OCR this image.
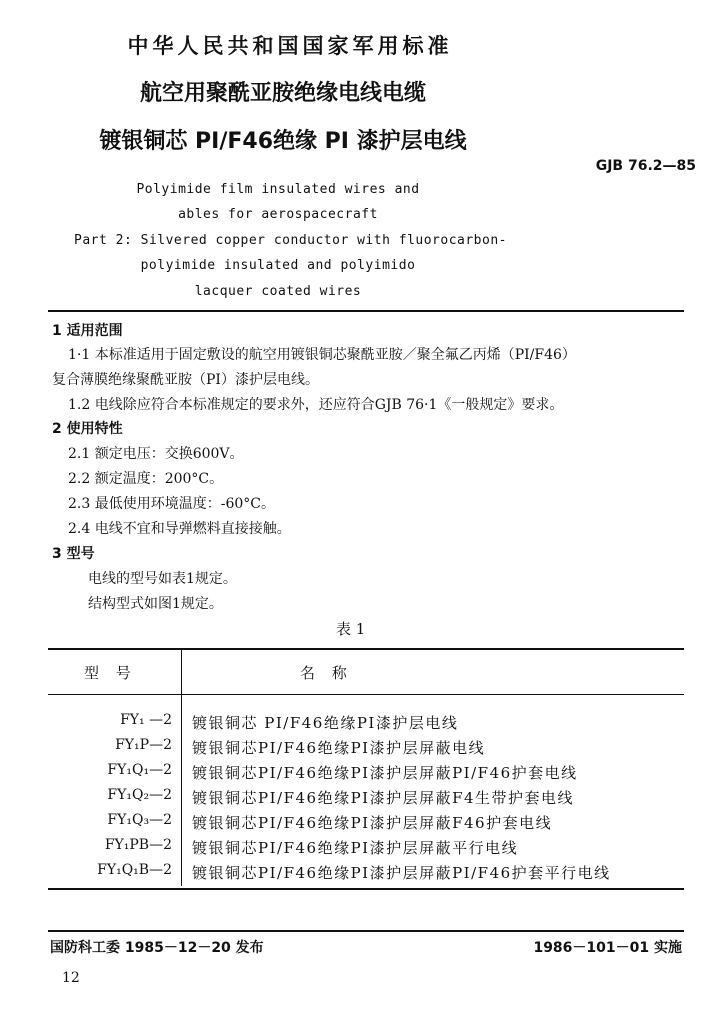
中华人民共和国国家军用标准
航空用聚酰亚胺绝缘电线电缆
镀银铜芯 PI/F46绝缘 PI 漆护层电线
GJB 76.2—85
Polyimide film insulated wires and
ables for aerospacecraft
Part 2: Silvered copper conductor with fluorocarbon-
polyimide insulated and polyimido
lacquer coated wires
1 适用范围
1·1 本标准适用于固定敷设的航空用镀银铜芯聚酰亚胺／聚全氟乙丙烯（PI/F46）
复合薄膜绝缘聚酰亚胺（PI）漆护层电线。
1.2 电线除应符合本标准规定的要求外，还应符合GJB 76·1《一般规定》要求。
2 使用特性
2.1 额定电压：交换600V。
2.2 额定温度：200°C。
2.3 最低使用环境温度：-60°C。
2.4 电线不宜和导弹燃料直接接触。
3 型号
电线的型号如表1规定。
结构型式如图1规定。
表 1
型 号	名 称
FY₁ —2 镀银铜芯 PI/F46绝缘PI漆护层电线
FY₁P—2 镀银铜芯PI/F46绝缘PI漆护层屏蔽电线
FY₁Q₁—2 镀银铜芯PI/F46绝缘PI漆护层屏蔽PI/F46护套电线
FY₁Q₂—2 镀银铜芯PI/F46绝缘PI漆护层屏蔽F4生带护套电线
FY₁Q₃—2 镀银铜芯PI/F46绝缘PI漆护层屏蔽F46护套电线
FY₁PB—2 镀银铜芯PI/F46绝缘PI漆护层屏蔽平行电线
FY₁Q₁B—2 镀银铜芯PI/F46绝缘PI漆护层屏蔽PI/F46护套平行电线
国防科工委 1985－12－20 发布	1986－101－01 实施
12
